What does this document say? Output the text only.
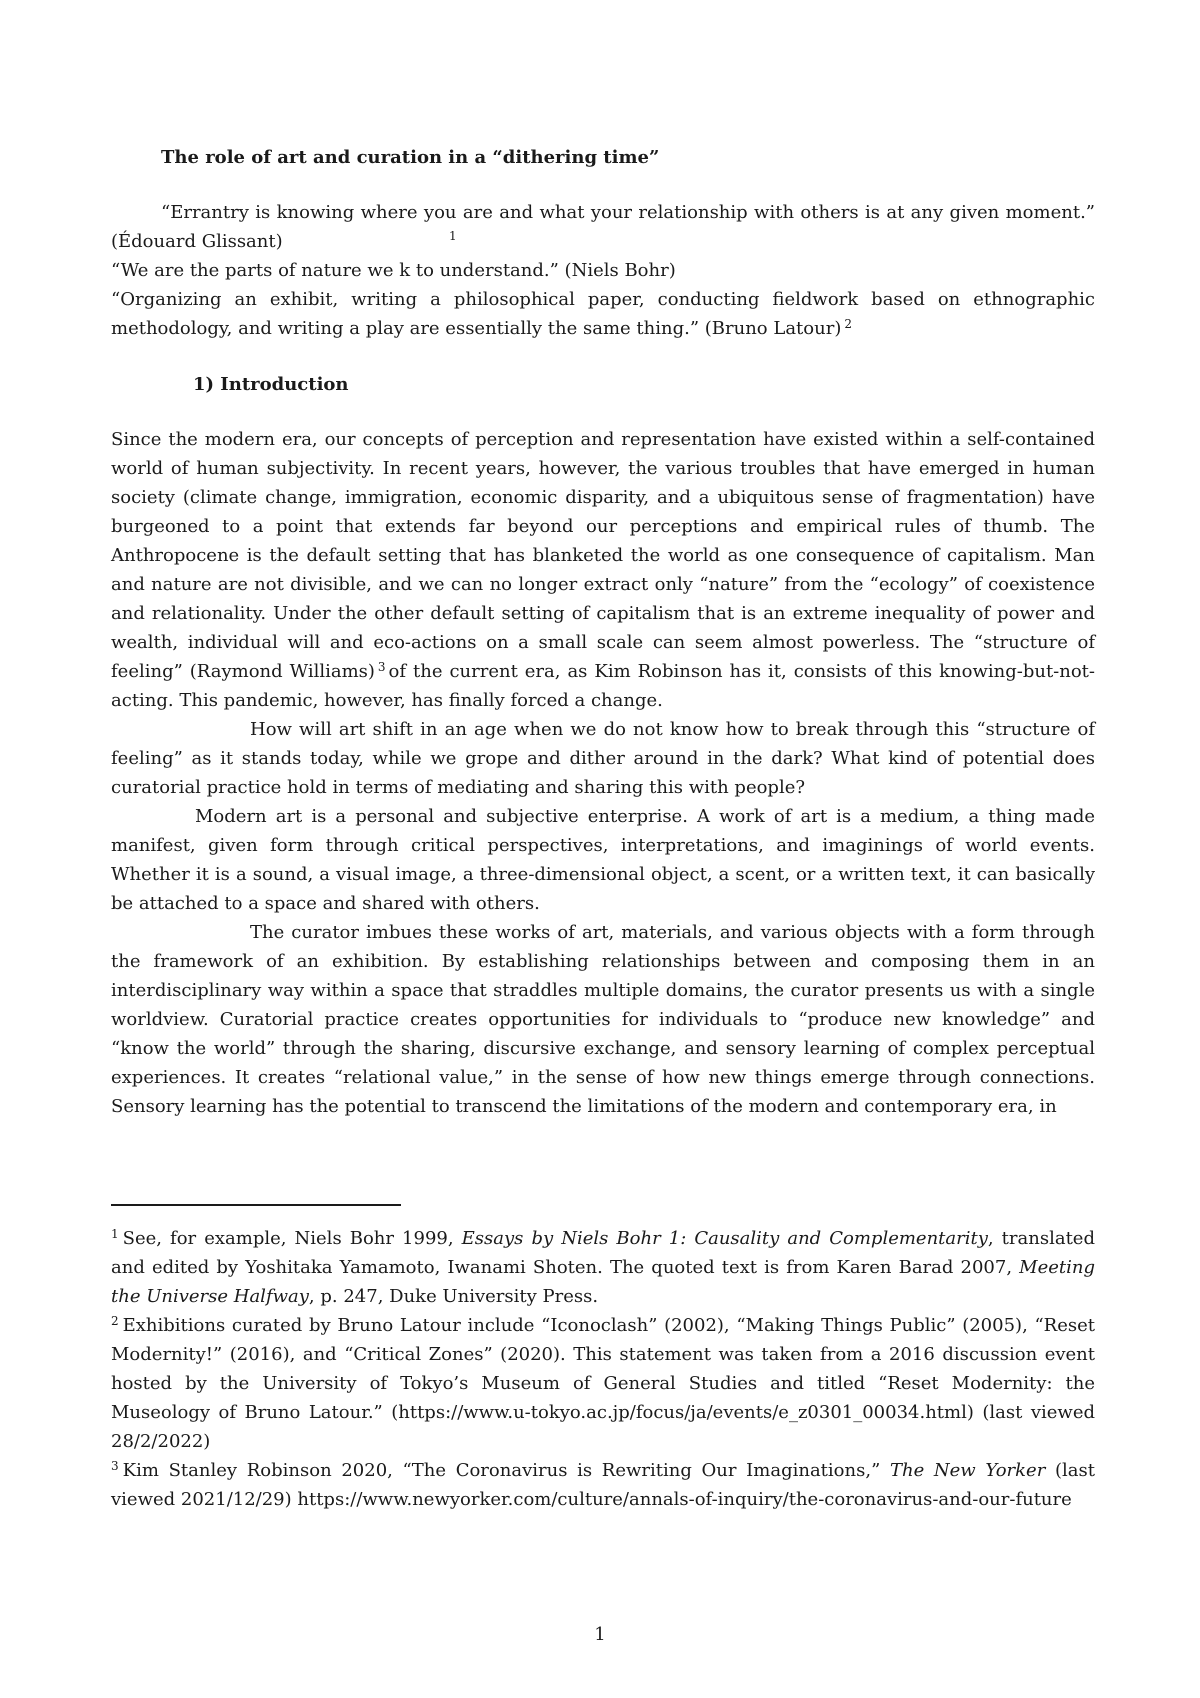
The role of art and curation in a “dithering time”

“Errantry is knowing where you are and what your relationship with others is at any given moment.” (Édouard Glissant)

“We are the parts of nature we k to understand.” (Niels Bohr)

“Organizing an exhibit, writing a philosophical paper, conducting fieldwork based on ethnographic methodology, and writing a play are essentially the same thing.” (Bruno Latour) $^2$

1) Introduction

Since the modern era, our concepts of perception and representation have existed within a self-contained world of human subjectivity. In recent years, however, the various troubles that have emerged in human society (climate change, immigration, economic disparity, and a ubiquitous sense of fragmentation) have burgeoned to a point that extends far beyond our perceptions and empirical rules of thumb. The Anthropocene is the default setting that has blanketed the world as one consequence of capitalism. Man and nature are not divisible, and we can no longer extract only “nature” from the “ecology” of coexistence and relationality. Under the other default setting of capitalism that is an extreme inequality of power and wealth, individual will and eco-actions on a small scale can seem almost powerless. The “structure of feeling” (Raymond Williams) $^3$ of the current era, as Kim Robinson has it, consists of this knowing-but-not-acting. This pandemic, however, has finally forced a change.

How will art shift in an age when we do not know how to break through this “structure of feeling” as it stands today, while we grope and dither around in the dark? What kind of potential does curatorial practice hold in terms of mediating and sharing this with people?

Modern art is a personal and subjective enterprise. A work of art is a medium, a thing made manifest, given form through critical perspectives, interpretations, and imaginings of world events. Whether it is a sound, a visual image, a three-dimensional object, a scent, or a written text, it can basically be attached to a space and shared with others.

The curator imbues these works of art, materials, and various objects with a form through the framework of an exhibition. By establishing relationships between and composing them in an interdisciplinary way within a space that straddles multiple domains, the curator presents us with a single worldview. Curatorial practice creates opportunities for individuals to “produce new knowledge” and “know the world” through the sharing, discursive exchange, and sensory learning of complex perceptual experiences. It creates “relational value,” in the sense of how new things emerge through connections. Sensory learning has the potential to transcend the limitations of the modern and contemporary era, in

1

$^1$ See, for example, Niels Bohr 1999, Essays by Niels Bohr 1: Causality and Complementarity, translated and edited by Yoshitaka Yamamoto, Iwanami Shoten. The quoted text is from Karen Barad 2007, Meeting the Universe Halfway, p. 247, Duke University Press.

$^2$ Exhibitions curated by Bruno Latour include “Iconoclash” (2002), “Making Things Public” (2005), “Reset Modernity!” (2016), and “Critical Zones” (2020). This statement was taken from a 2016 discussion event hosted by the University of Tokyo’s Museum of General Studies and titled “Reset Modernity: the Museology of Bruno Latour.” (https://www.u-tokyo.ac.jp/focus/ja/events/e_z0301_00034.html) (last viewed 28/2/2022)

$^3$ Kim Stanley Robinson 2020, “The Coronavirus is Rewriting Our Imaginations,” The New Yorker (last viewed 2021/12/29) https://www.newyorker.com/culture/annals-of-inquiry/the-coronavirus-and-our-future

1
